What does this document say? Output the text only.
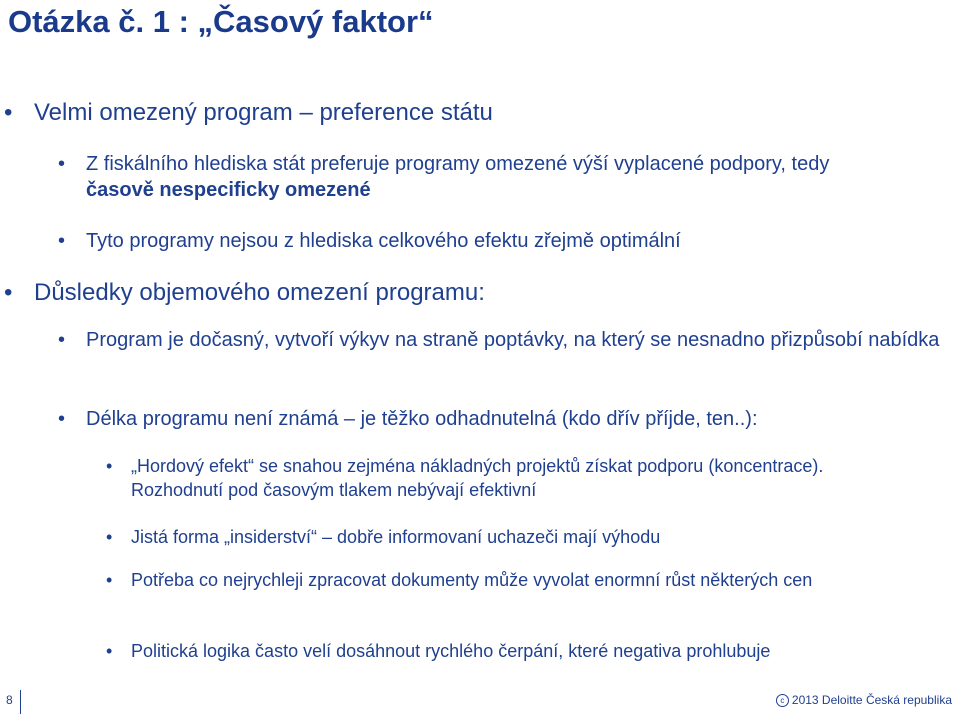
Otázka č. 1 : „Časový faktor“
• Velmi omezený program – preference státu
• Z fiskálního hlediska stát preferuje programy omezené výší vyplacené podpory, tedy časově nespecificky omezené
• Tyto programy nejsou z hlediska celkového efektu zřejmě optimální
• Důsledky objemového omezení programu:
• Program je dočasný, vytvoří výkyv na straně poptávky, na který se nesnadno přizpůsobí nabídka
• Délka programu není známá – je těžko odhadnutelná (kdo dřív příjde, ten..):
• „Hordový efekt“ se snahou zejména nákladných projektů získat podporu (koncentrace). Rozhodnutí pod časovým tlakem nebývají efektivní
• Jistá forma „insiderství“ – dobře informovaní uchazeči mají výhodu
• Potřeba co nejrychleji zpracovat dokumenty může vyvolat enormní růst některých cen
• Politická logika často velí dosáhnout rychlého čerpání, které negativa prohlubuje
8	c 2013 Deloitte Česká republika
